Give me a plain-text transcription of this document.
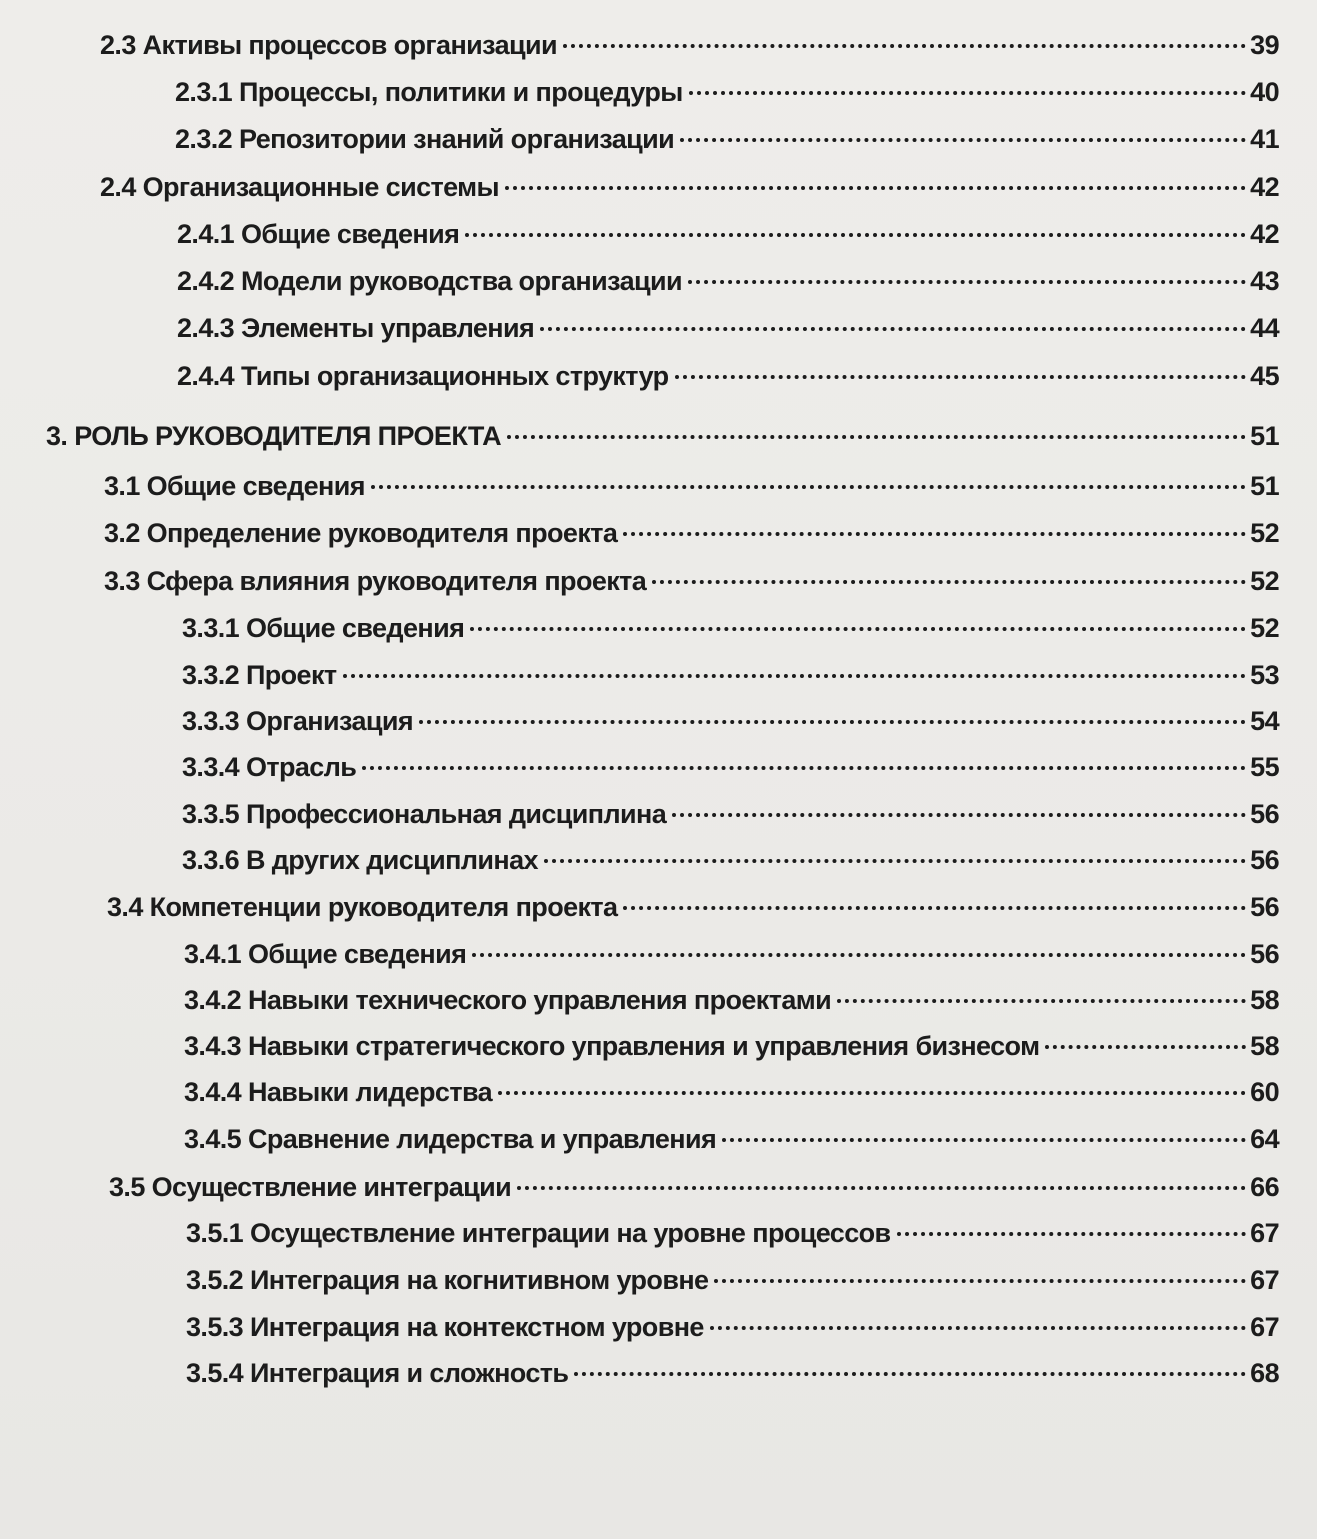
2.3 Активы процессов организации	39
2.3.1 Процессы, политики и процедуры	40
2.3.2 Репозитории знаний организации	41
2.4 Организационные системы	42
2.4.1 Общие сведения	42
2.4.2 Модели руководства организации	43
2.4.3 Элементы управления	44
2.4.4 Типы организационных структур	45
3. РОЛЬ РУКОВОДИТЕЛЯ ПРОЕКТА	51
3.1 Общие сведения	51
3.2 Определение руководителя проекта	52
3.3 Сфера влияния руководителя проекта	52
3.3.1 Общие сведения	52
3.3.2 Проект	53
3.3.3 Организация	54
3.3.4 Отрасль	55
3.3.5 Профессиональная дисциплина	56
3.3.6 В других дисциплинах	56
3.4 Компетенции руководителя проекта	56
3.4.1 Общие сведения	56
3.4.2 Навыки технического управления проектами	58
3.4.3 Навыки стратегического управления и управления бизнесом	58
3.4.4 Навыки лидерства	60
3.4.5 Сравнение лидерства и управления	64
3.5 Осуществление интеграции	66
3.5.1 Осуществление интеграции на уровне процессов	67
3.5.2 Интеграция на когнитивном уровне	67
3.5.3 Интеграция на контекстном уровне	67
3.5.4 Интеграция и сложность	68
